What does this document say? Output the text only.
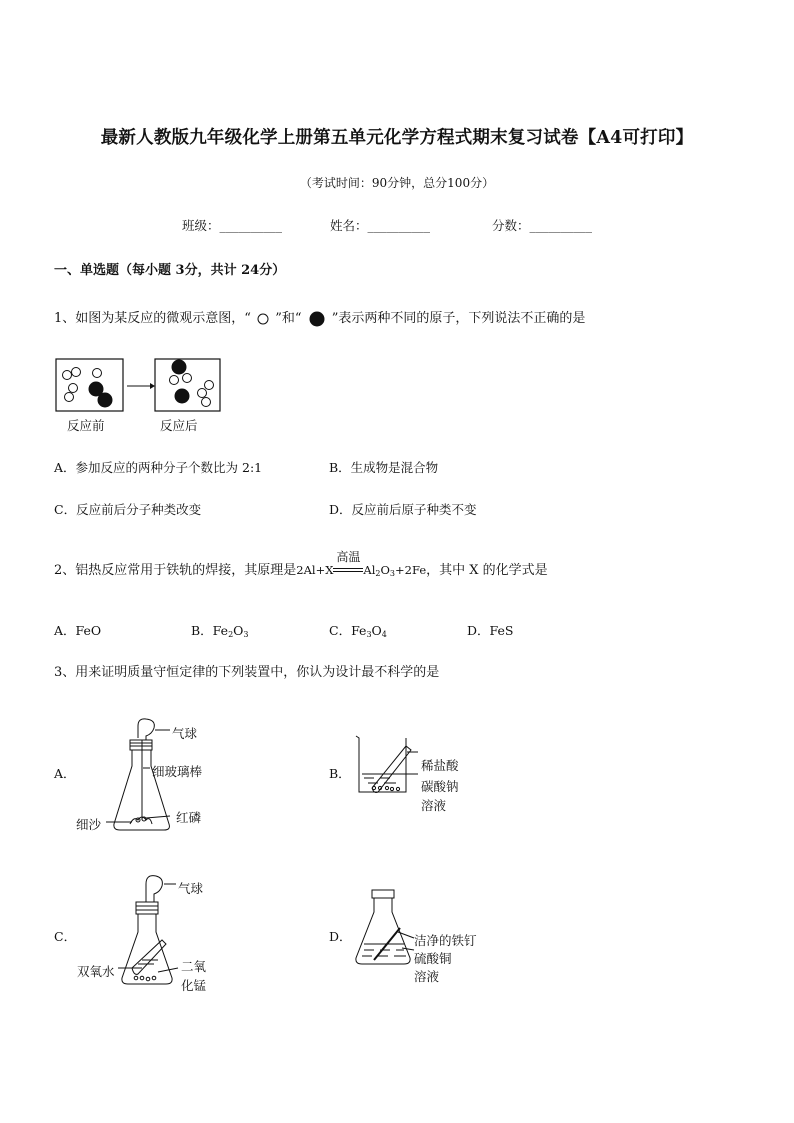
最新人教版九年级化学上册第五单元化学方程式期末复习试卷【A4可打印】
（考试时间：90分钟，总分100分）
班级：__________	姓名：__________	分数：__________
一、单选题（每小题 3分，共计 24分）
1、如图为某反应的微观示意图，“ ”和“ ”表示两种不同的原子，下列说法不正确的是
反应前	反应后
A．参加反应的两种分子个数比为 2:1	B．生成物是混合物
C．反应前后分子种类改变	D．反应前后原子种类不变
2、铝热反应常用于铁轨的焊接，其原理是2Al+X
高温
$Al_2O_3+2Fe$，其中 X 的化学式是
A．FeO	B．$Fe_2O_3$	C．$Fe_3O_4$	D．FeS
3、用来证明质量守恒定律的下列装置中，你认为设计最不科学的是
A．
气球
细玻璃棒
红磷
细沙
B．
稀盐酸
碳酸钠
溶液
C．
气球
双氧水	二氧
化锰
D．	洁净的铁钉
硫酸铜
溶液
